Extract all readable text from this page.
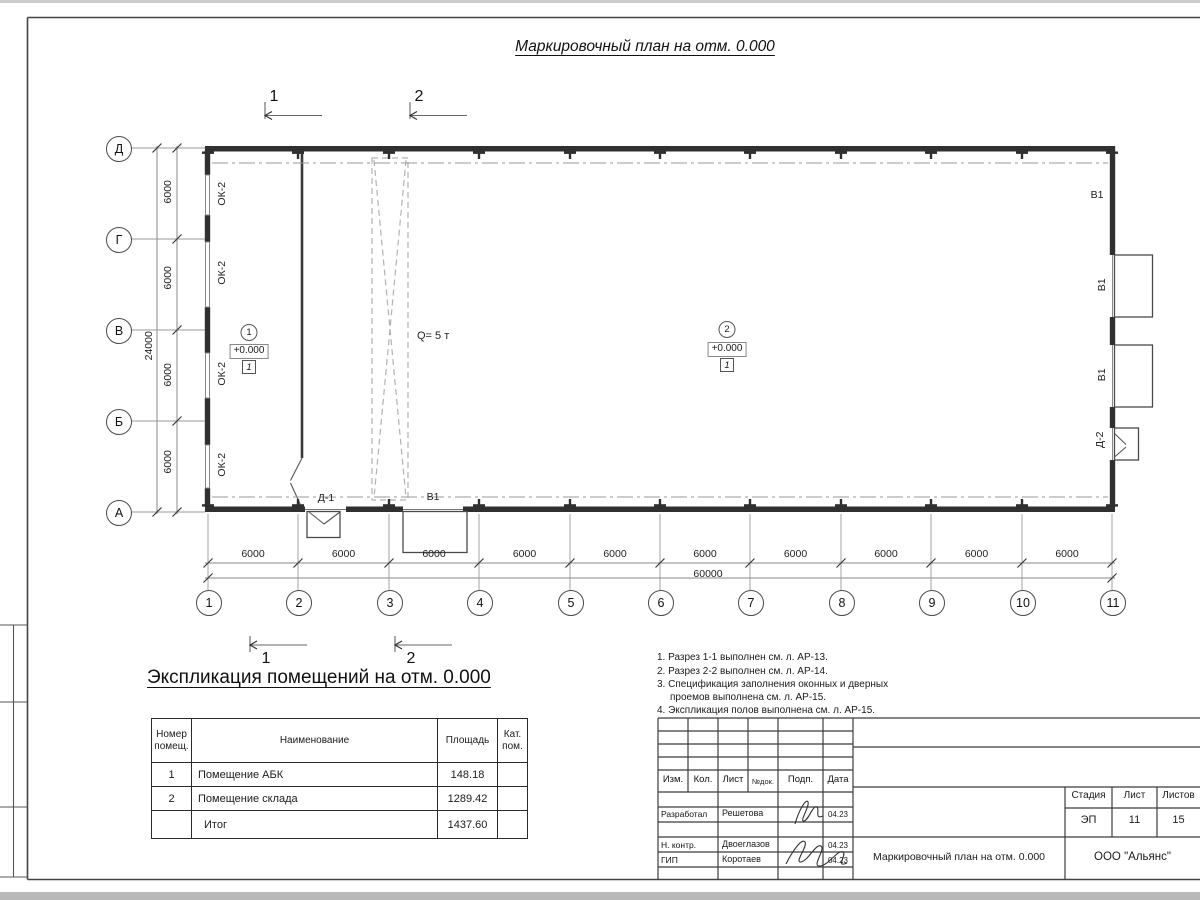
Маркировочный план на отм. 0.000
1	2
1	2
Q= 5 т
В1
В1
Д-1
1
+0.000
1
2
+0.000
1
60000
24000
Экспликация помещений на отм. 0.000
Номер помещ.	Наименование	Площадь	Кат. пом.
1	Помещение АБК	148.18	
2	Помещение склада	1289.42	
	Итог	1437.60	

1. Разрез 1-1 выполнен см. л. АР-13.

2. Разрез 2-2 выполнен см. л. АР-14.

3. Спецификация заполнения оконных и дверных проемов выполнена см. л. АР-15.

4. Экспликация полов выполнена см. л. АР-15.

Изм.	Кол.	Лист	№док.	Подп.	Дата
Разработал Решетова	04.23
Н. контр.	Двоеглазов	04.23
ГИП	Коротаев	04.23	Маркировочный план на отм. 0.000
Стадия	Лист	Листов
ЭП	11	15
ООО "Альянс"
1	2	3	4	5	6	7	8	9	10	11
Д
Г
В
Б
А
6000	6000	6000	6000	6000	6000	6000	6000	6000	6000
6000
6000
6000
6000
ОК-2
ОК-2
ОК-2
ОК-2
В1
В1
Д-2
